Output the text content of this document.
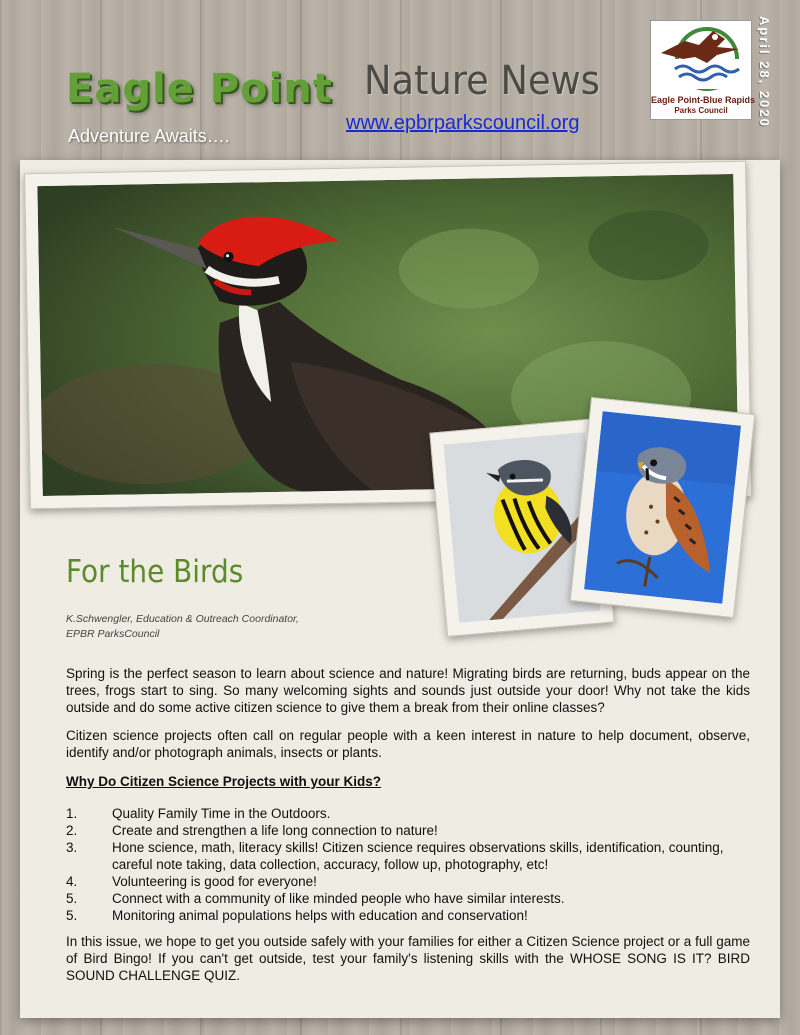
Eagle Point Nature News
Adventure Awaits….
www.epbrparkscouncil.org
Eagle Point-Blue Rapids
Parks Council	April 28, 2020
For the Birds
K.Schwengler, Education & Outreach Coordinator,
EPBR ParksCouncil

Spring is the perfect season to learn about science and nature! Migrating birds are returning, buds appear on the trees, frogs start to sing. So many welcoming sights and sounds just outside your door! Why not take the kids outside and do some active citizen science to give them a break from their online classes?

Citizen science projects often call on regular people with a keen interest in nature to help document, observe, identify and/or photograph animals, insects or plants.

Why Do Citizen Science Projects with your Kids?
1.	Quality Family Time in the Outdoors.
2.	Create and strengthen a life long connection to nature!
3.	Hone science, math, literacy skills! Citizen science requires observations skills, identification, counting, careful note taking, data collection, accuracy, follow up, photography, etc!
4.	Volunteering is good for everyone!
5.	Connect with a community of like minded people who have similar interests.
5.	Monitoring animal populations helps with education and conservation!

In this issue, we hope to get you outside safely with your families for either a Citizen Science project or a full game of Bird Bingo! If you can't get outside, test your family's listening skills with the WHOSE SONG IS IT? BIRD SOUND CHALLENGE QUIZ.
